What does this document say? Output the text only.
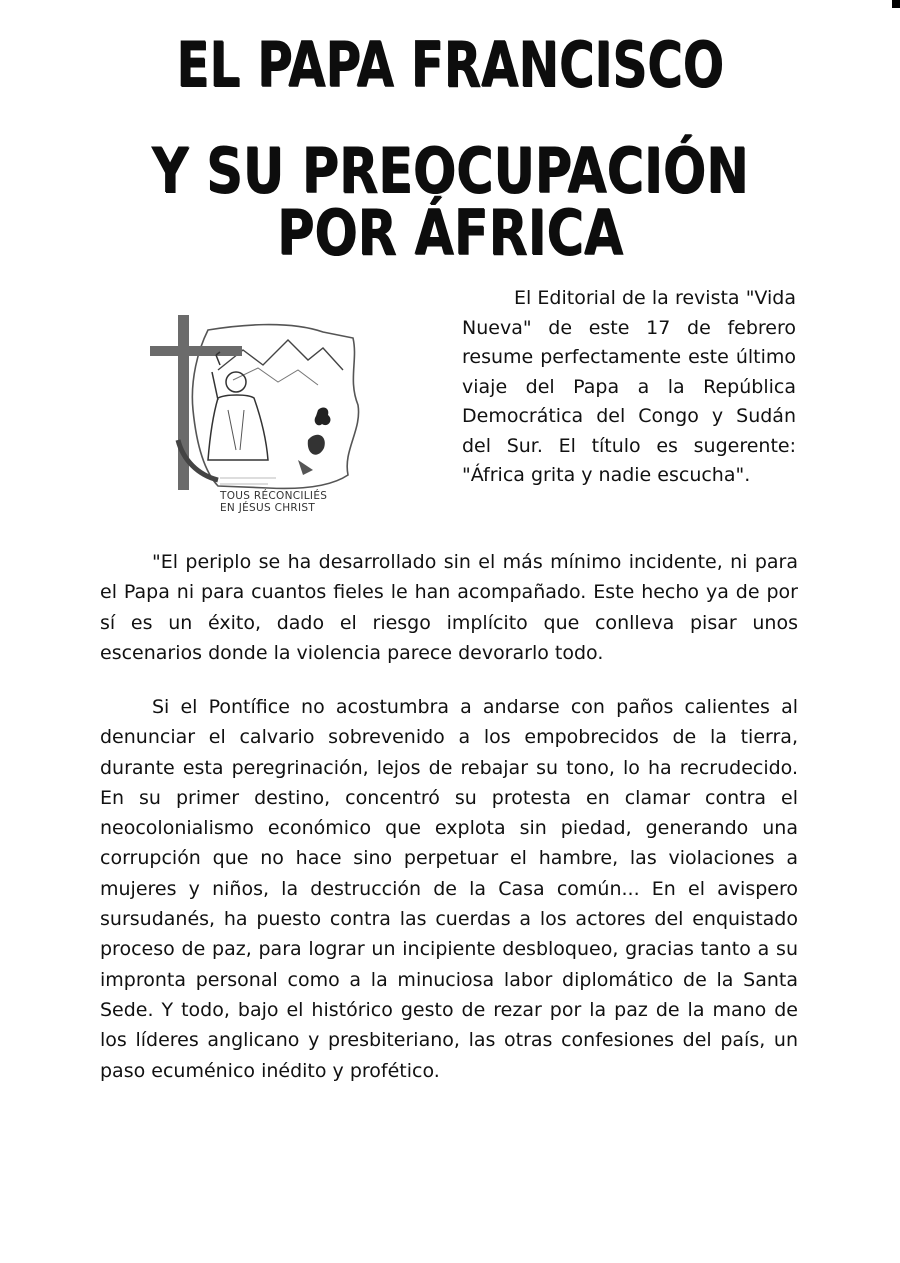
EL PAPA FRANCISCO
Y SU PREOCUPACIÓN POR ÁFRICA
TOUS RÉCONCILIÉS
EN JÉSUS CHRIST

El Editorial de la revista "Vida Nueva" de este 17 de febrero resume perfectamente este último viaje del Papa a la República Democrática del Congo y Sudán del Sur. El título es sugerente: "África grita y nadie escucha".

"El periplo se ha desarrollado sin el más mínimo incidente, ni para el Papa ni para cuantos fieles le han acompañado. Este hecho ya de por sí es un éxito, dado el riesgo implícito que conlleva pisar unos escenarios donde la violencia parece devorarlo todo.

Si el Pontífice no acostumbra a andarse con paños calientes al denunciar el calvario sobrevenido a los empobrecidos de la tierra, durante esta peregrinación, lejos de rebajar su tono, lo ha recrudecido. En su primer destino, concentró su protesta en clamar contra el neocolonialismo económico que explota sin piedad, generando una corrupción que no hace sino perpetuar el hambre, las violaciones a mujeres y niños, la destrucción de la Casa común... En el avispero sursudanés, ha puesto contra las cuerdas a los actores del enquistado proceso de paz, para lograr un incipiente desbloqueo, gracias tanto a su impronta personal como a la minuciosa labor diplomático de la Santa Sede. Y todo, bajo el histórico gesto de rezar por la paz de la mano de los líderes anglicano y presbiteriano, las otras confesiones del país, un paso ecuménico inédito y profético.
